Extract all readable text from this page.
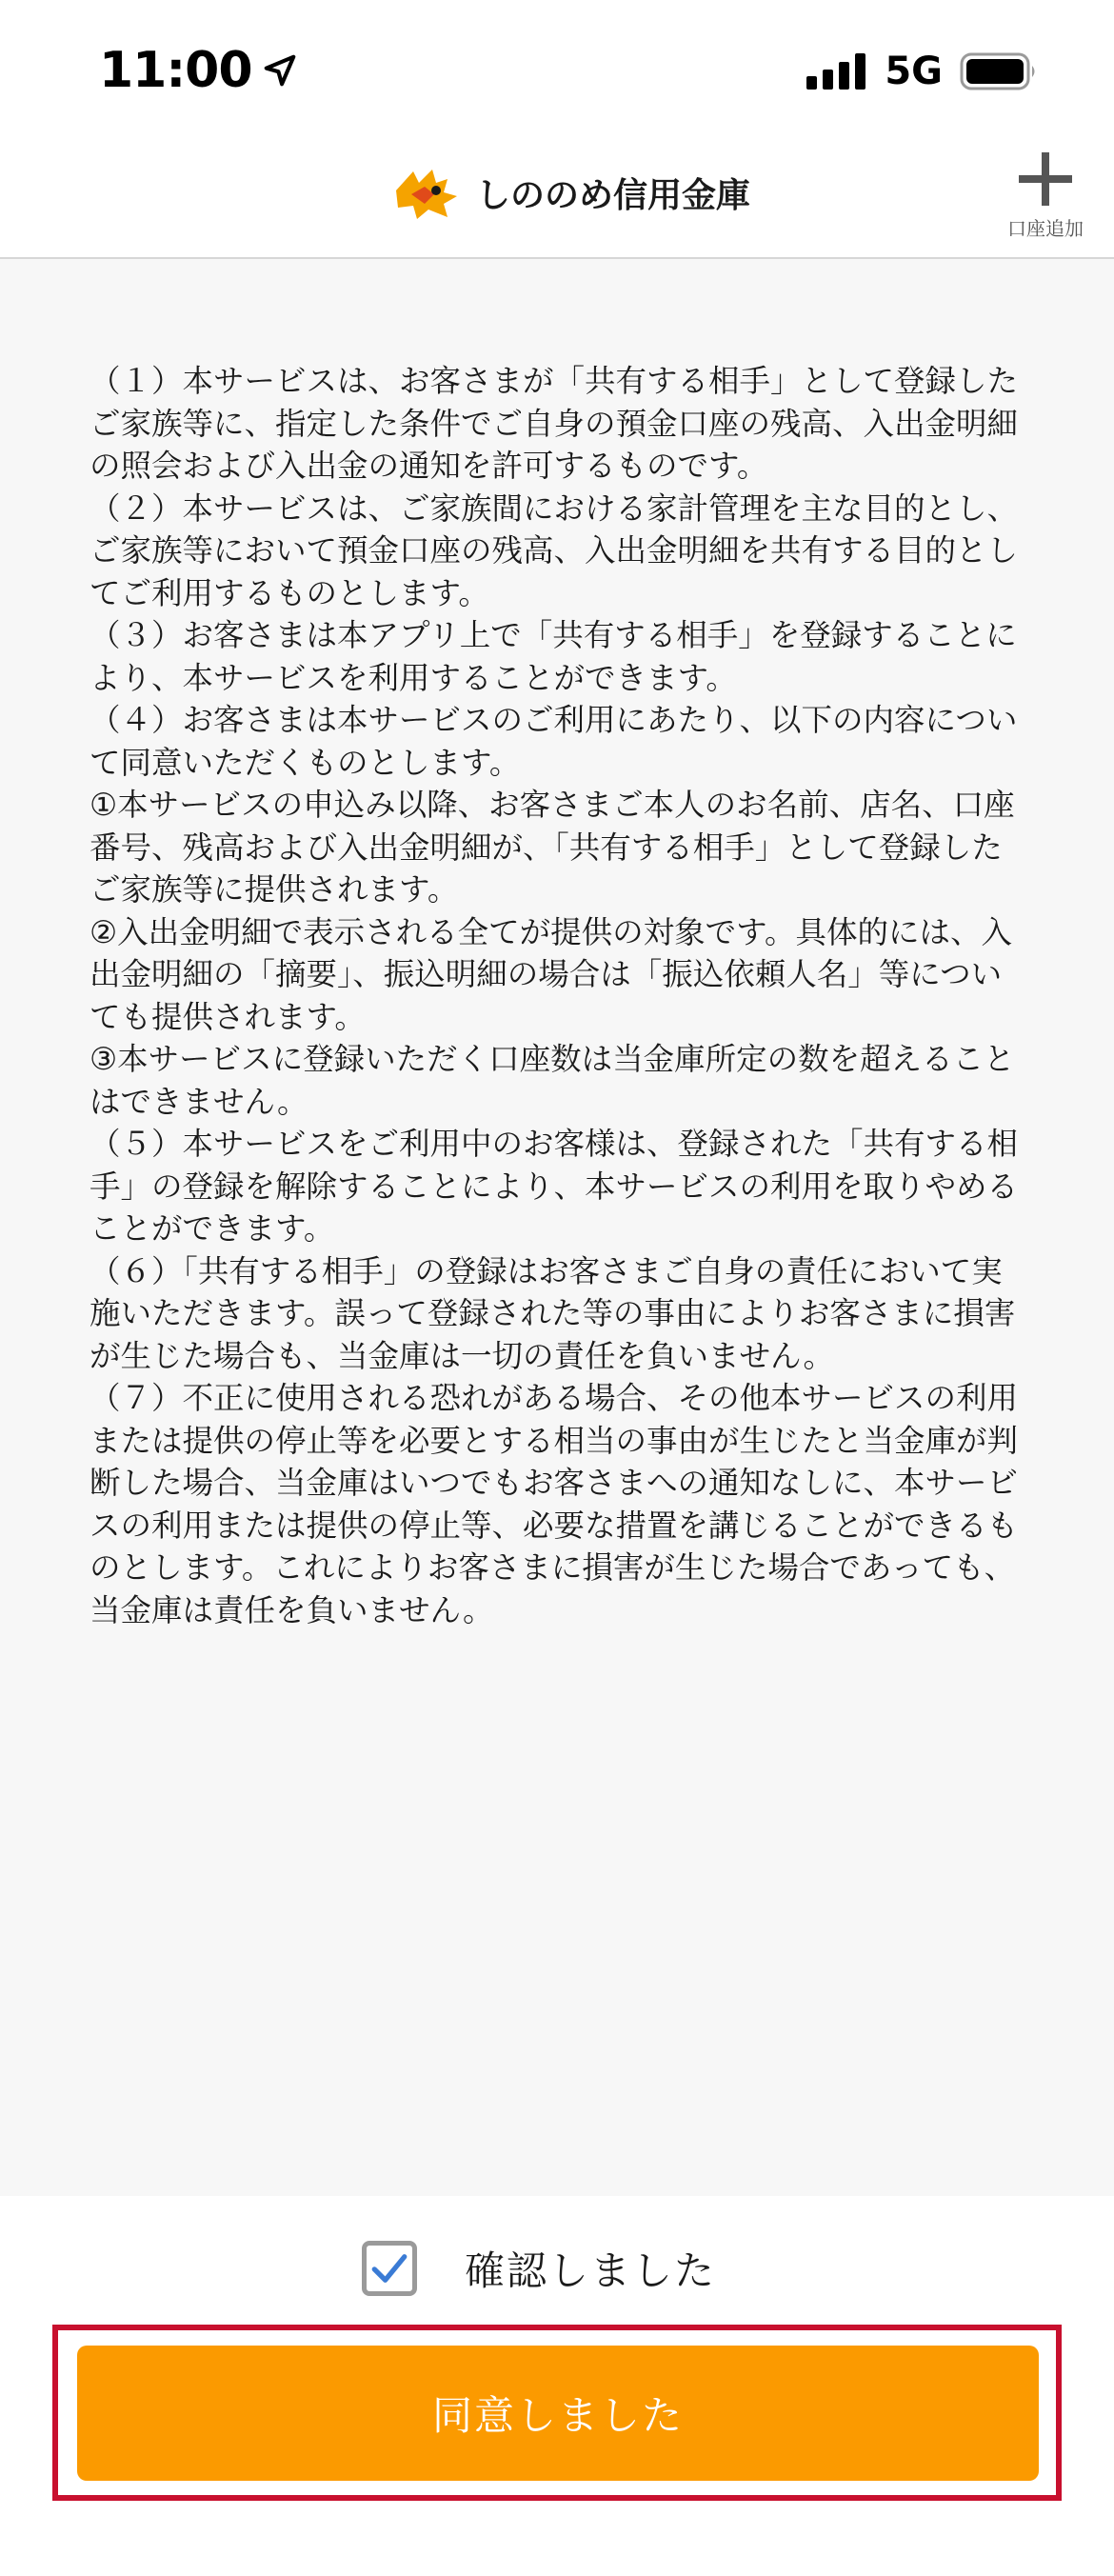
11:00	5G
しののめ信用金庫
口座追加

（１）本サービスは、お客さまが「共有する相手」として登録したご家族等に、指定した条件でご自身の預金口座の残高、入出金明細の照会および入出金の通知を許可するものです。

（２）本サービスは、ご家族間における家計管理を主な目的とし、ご家族等において預金口座の残高、入出金明細を共有する目的としてご利用するものとします。

（３）お客さまは本アプリ上で「共有する相手」を登録することにより、本サービスを利用することができます。

（４）お客さまは本サービスのご利用にあたり、以下の内容について同意いただくものとします。

①本サービスの申込み以降、お客さまご本人のお名前、店名、口座番号、残高および入出金明細が、「共有する相手」として登録したご家族等に提供されます。

②入出金明細で表示される全てが提供の対象です。具体的には、入出金明細の「摘要」、振込明細の場合は「振込依頼人名」等についても提供されます。

③本サービスに登録いただく口座数は当金庫所定の数を超えることはできません。

（５）本サービスをご利用中のお客様は、登録された「共有する相手」の登録を解除することにより、本サービスの利用を取りやめることができます。

（６）「共有する相手」の登録はお客さまご自身の責任において実施いただきます。誤って登録された等の事由によりお客さまに損害が生じた場合も、当金庫は一切の責任を負いません。

（７）不正に使用される恐れがある場合、その他本サービスの利用または提供の停止等を必要とする相当の事由が生じたと当金庫が判断した場合、当金庫はいつでもお客さまへの通知なしに、本サービスの利用または提供の停止等、必要な措置を講じることができるものとします。これによりお客さまに損害が生じた場合であっても、当金庫は責任を負いません。

確認しました
同意しました
